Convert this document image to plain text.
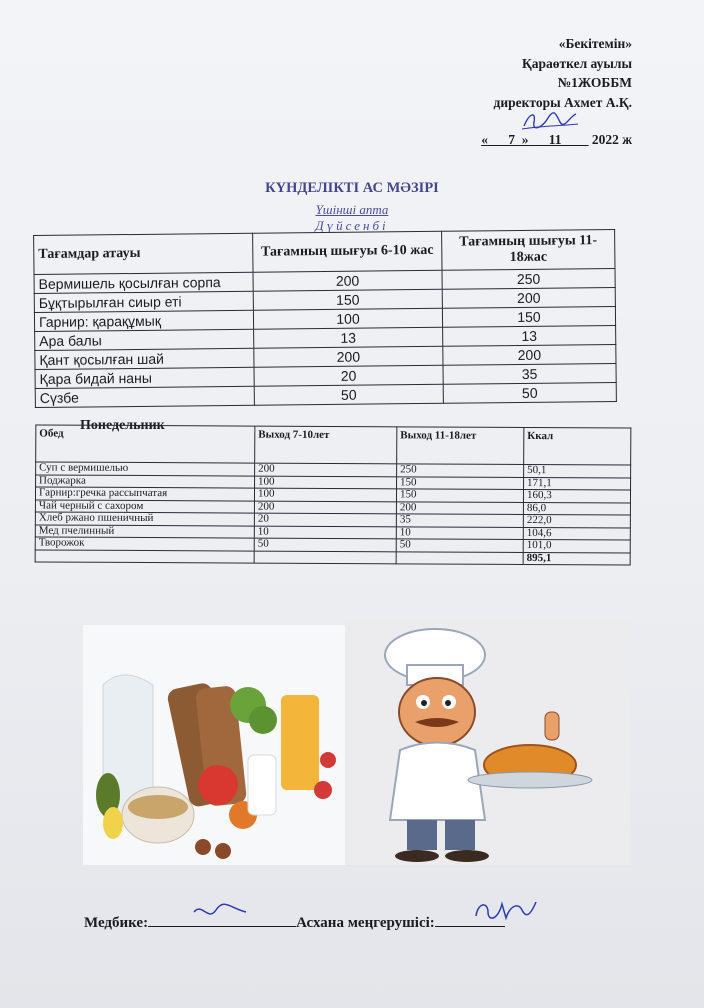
«Бекітемін»
Қараөткел ауылы
№1ЖОББМ
директоры Ахмет А.Қ.
«___7_»___11____ 2022 ж
КҮНДЕЛІКТІ АС МӘЗІРІ
Үшінші апта
Дүйсенбі
Тағамдар атауы	Тағамның шығуы 6-10 жас	Тағамның шығуы 11-18жас
Вермишель қосылған сорпа	200	250
Бұқтырылған сиыр еті	150	200
Гарнир: қарақұмық	100	150
Ара балы	13	13
Қант қосылған шай	200	200
Қара бидай наны	20	35
Сүзбе	50	50
Понедельник
Обед	Выход 7-10лет	Выход 11-18лет	Ккал
Суп с вермишелью	200	250	50,1
Поджарка	100	150	171,1
Гарнир:гречка рассыпчатая	100	150	160,3
Чай черный с сахором	200	200	86,0
Хлеб ржано пшеничный	20	35	222,0
Мед пчелинный	10	10	104,6
Творожок	50	50	101,0
			895,1
Медбике:	Асхана меңгерушісі:
